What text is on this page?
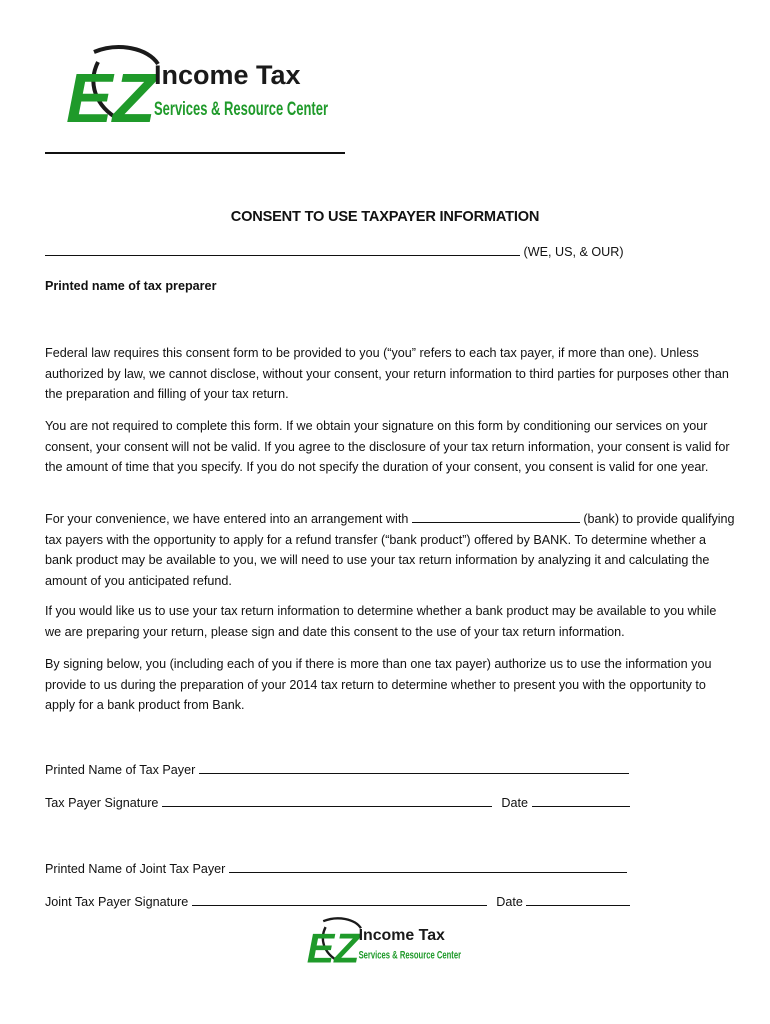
EZ
Income Tax
Services & Resource Center
CONSENT TO USE TAXPAYER INFORMATION
(WE, US, & OUR)
Printed name of tax preparer

Federal law requires this consent form to be provided to you (“you” refers to each tax payer, if more than one). Unless authorized by law, we cannot disclose, without your consent, your return information to third parties for purposes other than the preparation and filling of your tax return.

You are not required to complete this form. If we obtain your signature on this form by conditioning our services on your consent, your consent will not be valid. If you agree to the disclosure of your tax return information, your consent is valid for the amount of time that you specify. If you do not specify the duration of your consent, you consent is valid for one year.

For your convenience, we have entered into an arrangement with	(bank) to provide qualifying tax payers with the opportunity to apply for a refund transfer (“bank product”) offered by BANK. To determine whether a bank product may be available to you, we will need to use your tax return information by analyzing it and calculating the amount of you anticipated refund.

If you would like us to use your tax return information to determine whether a bank product may be available to you while we are preparing your return, please sign and date this consent to the use of your tax return information.

By signing below, you (including each of you if there is more than one tax payer) authorize us to use the information you provide to us during the preparation of your 2014 tax return to determine whether to present you with the opportunity to apply for a bank product from Bank.

Printed Name of Tax Payer
Tax Payer Signature	Date
Printed Name of Joint Tax Payer
Joint Tax Payer Signature	Date
EZ Income Tax
Services & Resource Center
